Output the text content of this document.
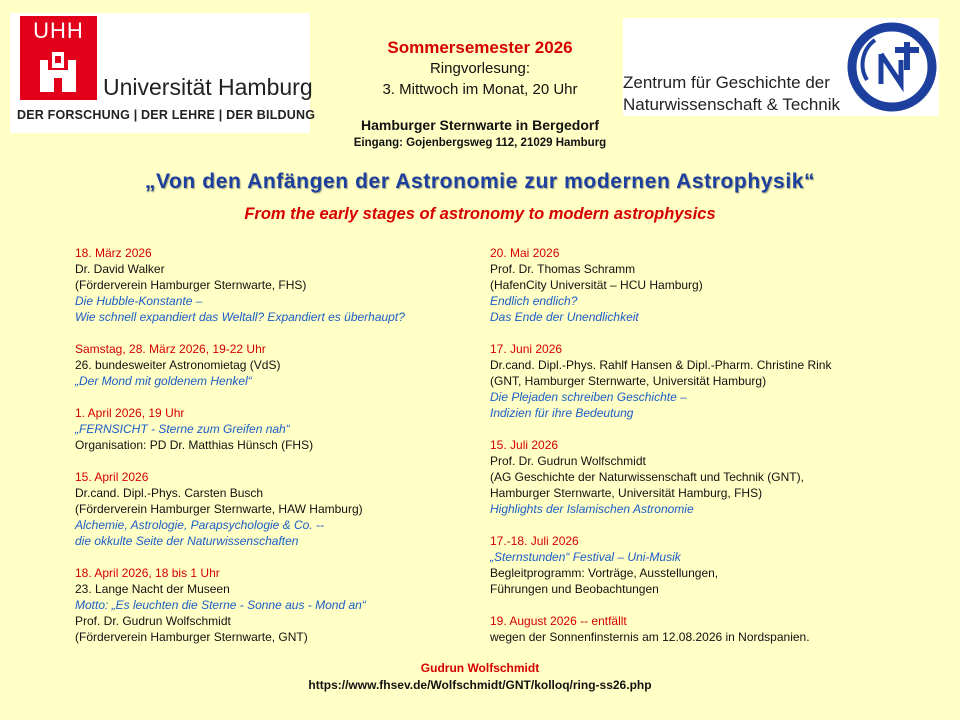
UHH
Universität Hamburg
DER FORSCHUNG | DER LEHRE | DER BILDUNG
Zentrum für Geschichte der
Naturwissenschaft & Technik
Sommersemester 2026
Ringvorlesung:
3. Mittwoch im Monat, 20 Uhr
Hamburger Sternwarte in Bergedorf
Eingang: Gojenbergsweg 112, 21029 Hamburg
„Von den Anfängen der Astronomie zur modernen Astrophysik“
From the early stages of astronomy to modern astrophysics
18. März 2026
Dr. David Walker
(Förderverein Hamburger Sternwarte, FHS)
Die Hubble-Konstante –
Wie schnell expandiert das Weltall? Expandiert es überhaupt?
Samstag, 28. März 2026, 19-22 Uhr
26. bundesweiter Astronomietag (VdS)
„Der Mond mit goldenem Henkel“
1. April 2026, 19 Uhr
„FERNSICHT - Sterne zum Greifen nah“
Organisation: PD Dr. Matthias Hünsch (FHS)
15. April 2026
Dr.cand. Dipl.-Phys. Carsten Busch
(Förderverein Hamburger Sternwarte, HAW Hamburg)
Alchemie, Astrologie, Parapsychologie & Co. --
die okkulte Seite der Naturwissenschaften
18. April 2026, 18 bis 1 Uhr
23. Lange Nacht der Museen
Motto: „Es leuchten die Sterne - Sonne aus - Mond an“
Prof. Dr. Gudrun Wolfschmidt
(Förderverein Hamburger Sternwarte, GNT)
20. Mai 2026
Prof. Dr. Thomas Schramm
(HafenCity Universität – HCU Hamburg)
Endlich endlich?
Das Ende der Unendlichkeit
17. Juni 2026
Dr.cand. Dipl.-Phys. Rahlf Hansen & Dipl.-Pharm. Christine Rink
(GNT, Hamburger Sternwarte, Universität Hamburg)
Die Plejaden schreiben Geschichte –
Indizien für ihre Bedeutung
15. Juli 2026
Prof. Dr. Gudrun Wolfschmidt
(AG Geschichte der Naturwissenschaft und Technik (GNT),
Hamburger Sternwarte, Universität Hamburg, FHS)
Highlights der Islamischen Astronomie
17.-18. Juli 2026
„Sternstunden“ Festival – Uni-Musik
Begleitprogramm: Vorträge, Ausstellungen,
Führungen und Beobachtungen
19. August 2026 -- entfällt
wegen der Sonnenfinsternis am 12.08.2026 in Nordspanien.
Gudrun Wolfschmidt
https://www.fhsev.de/Wolfschmidt/GNT/kolloq/ring-ss26.php
